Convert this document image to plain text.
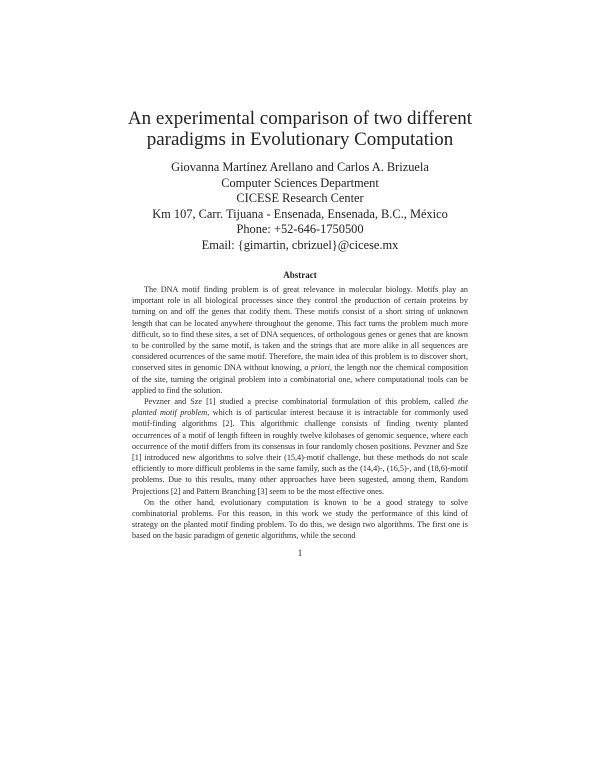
An experimental comparison of two different
paradigms in Evolutionary Computation
Giovanna Martínez Arellano and Carlos A. Brizuela
Computer Sciences Department
CICESE Research Center
Km 107, Carr. Tijuana - Ensenada, Ensenada, B.C., México
Phone: +52-646-1750500
Email: {gimartin, cbrizuel}@cicese.mx
Abstract

The DNA motif finding problem is of great relevance in molecular biology. Motifs play an important role in all biological processes since they control the production of certain proteins by turning on and off the genes that codify them. These motifs consist of a short string of unknown length that can be located anywhere throughout the genome. This fact turns the problem much more difficult, so to find these sites, a set of DNA sequences, of orthologous genes or genes that are known to be controlled by the same motif, is taken and the strings that are more alike in all sequences are considered ocurrences of the same motif. Therefore, the main idea of this problem is to discover short, conserved sites in genomic DNA without knowing, a priori, the length nor the chemical composition of the site, turning the original problem into a combinatorial one, where computational tools can be applied to find the solution.

Pevzner and Sze [1] studied a precise combinatorial formulation of this problem, called the planted motif problem, which is of particular interest because it is intractable for commonly used motif-finding algorithms [2]. This algorithmic challenge consists of finding twenty planted occurrences of a motif of length fifteen in roughly twelve kilobases of genomic sequence, where each occurrence of the motif differs from its consensus in four randomly chosen positions. Pevzner and Sze [1] introduced new algorithms to solve their (15,4)-motif challenge, but these methods do not scale efficiently to more difficult problems in the same family, such as the (14,4)-, (16,5)-, and (18,6)-motif problems. Due to this results, many other approaches have been sugested, among them, Random Projections [2] and Pattern Branching [3] seem to be the most effective ones.

On the other hand, evolutionary computation is known to be a good strategy to solve combinatorial problems. For this reason, in this work we study the performance of this kind of strategy on the planted motif finding problem. To do this, we design two algorithms. The first one is based on the basic paradigm of genetic algorithms, while the second

1
